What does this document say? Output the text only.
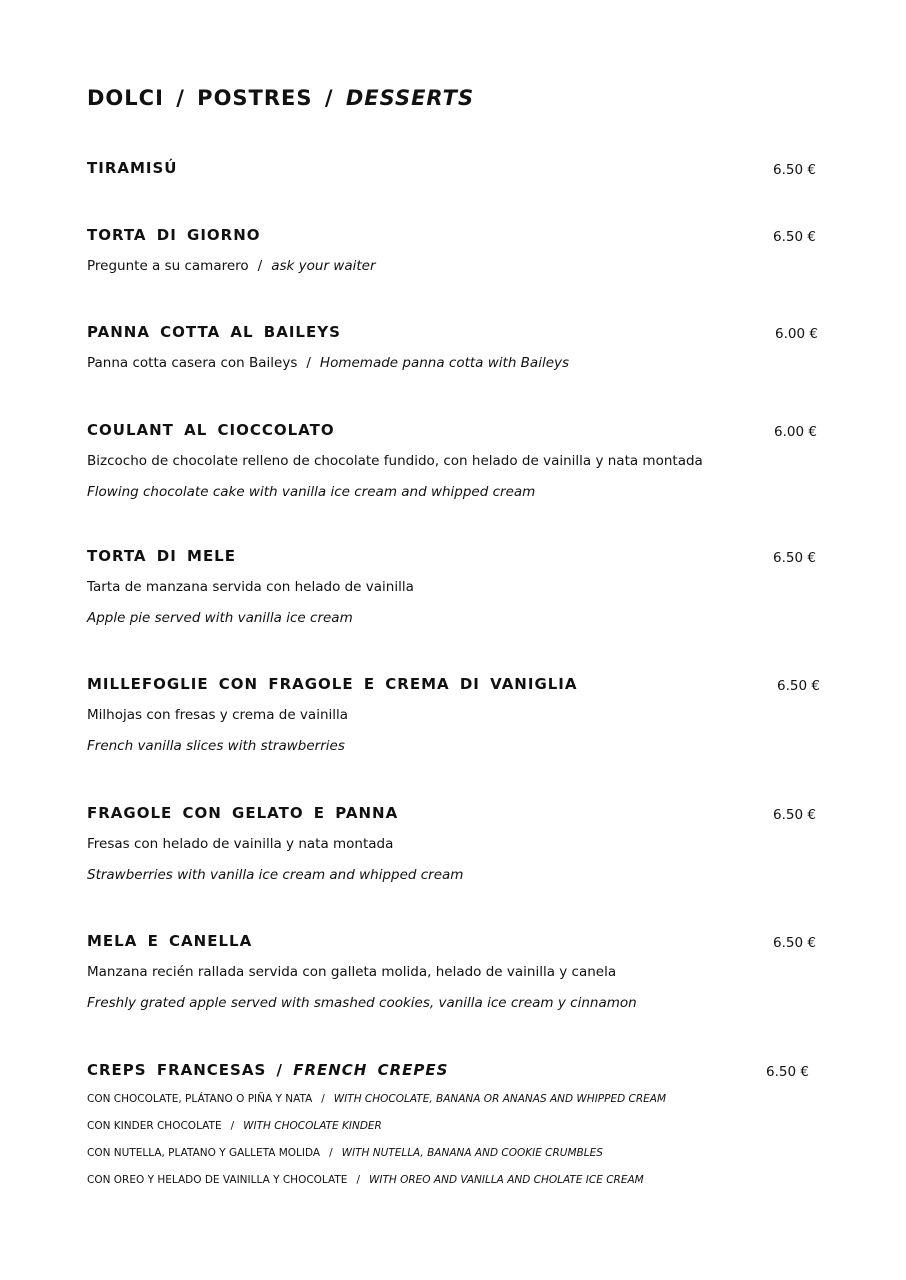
DOLCI / POSTRES / DESSERTS
TIRAMISÚ	6.50 €
TORTA DI GIORNO	6.50 €
Pregunte a su camarero / ask your waiter
PANNA COTTA AL BAILEYS	6.00 €
Panna cotta casera con Baileys / Homemade panna cotta with Baileys
COULANT AL CIOCCOLATO	6.00 €
Bizcocho de chocolate relleno de chocolate fundido, con helado de vainilla y nata montada
Flowing chocolate cake with vanilla ice cream and whipped cream
TORTA DI MELE	6.50 €
Tarta de manzana servida con helado de vainilla
Apple pie served with vanilla ice cream
MILLEFOGLIE CON FRAGOLE E CREMA DI VANIGLIA	6.50 €
Milhojas con fresas y crema de vainilla
French vanilla slices with strawberries
FRAGOLE CON GELATO E PANNA	6.50 €
Fresas con helado de vainilla y nata montada
Strawberries with vanilla ice cream and whipped cream
MELA E CANELLA	6.50 €
Manzana recién rallada servida con galleta molida, helado de vainilla y canela
Freshly grated apple served with smashed cookies, vanilla ice cream y cinnamon
CREPS FRANCESAS / FRENCH CREPES	6.50 €
CON CHOCOLATE, PLÁTANO O PIÑA Y NATA / WITH CHOCOLATE, BANANA OR ANANAS AND WHIPPED CREAM
CON KINDER CHOCOLATE / WITH CHOCOLATE KINDER
CON NUTELLA, PLATANO Y GALLETA MOLIDA / WITH NUTELLA, BANANA AND COOKIE CRUMBLES
CON OREO Y HELADO DE VAINILLA Y CHOCOLATE / WITH OREO AND VANILLA AND CHOLATE ICE CREAM
